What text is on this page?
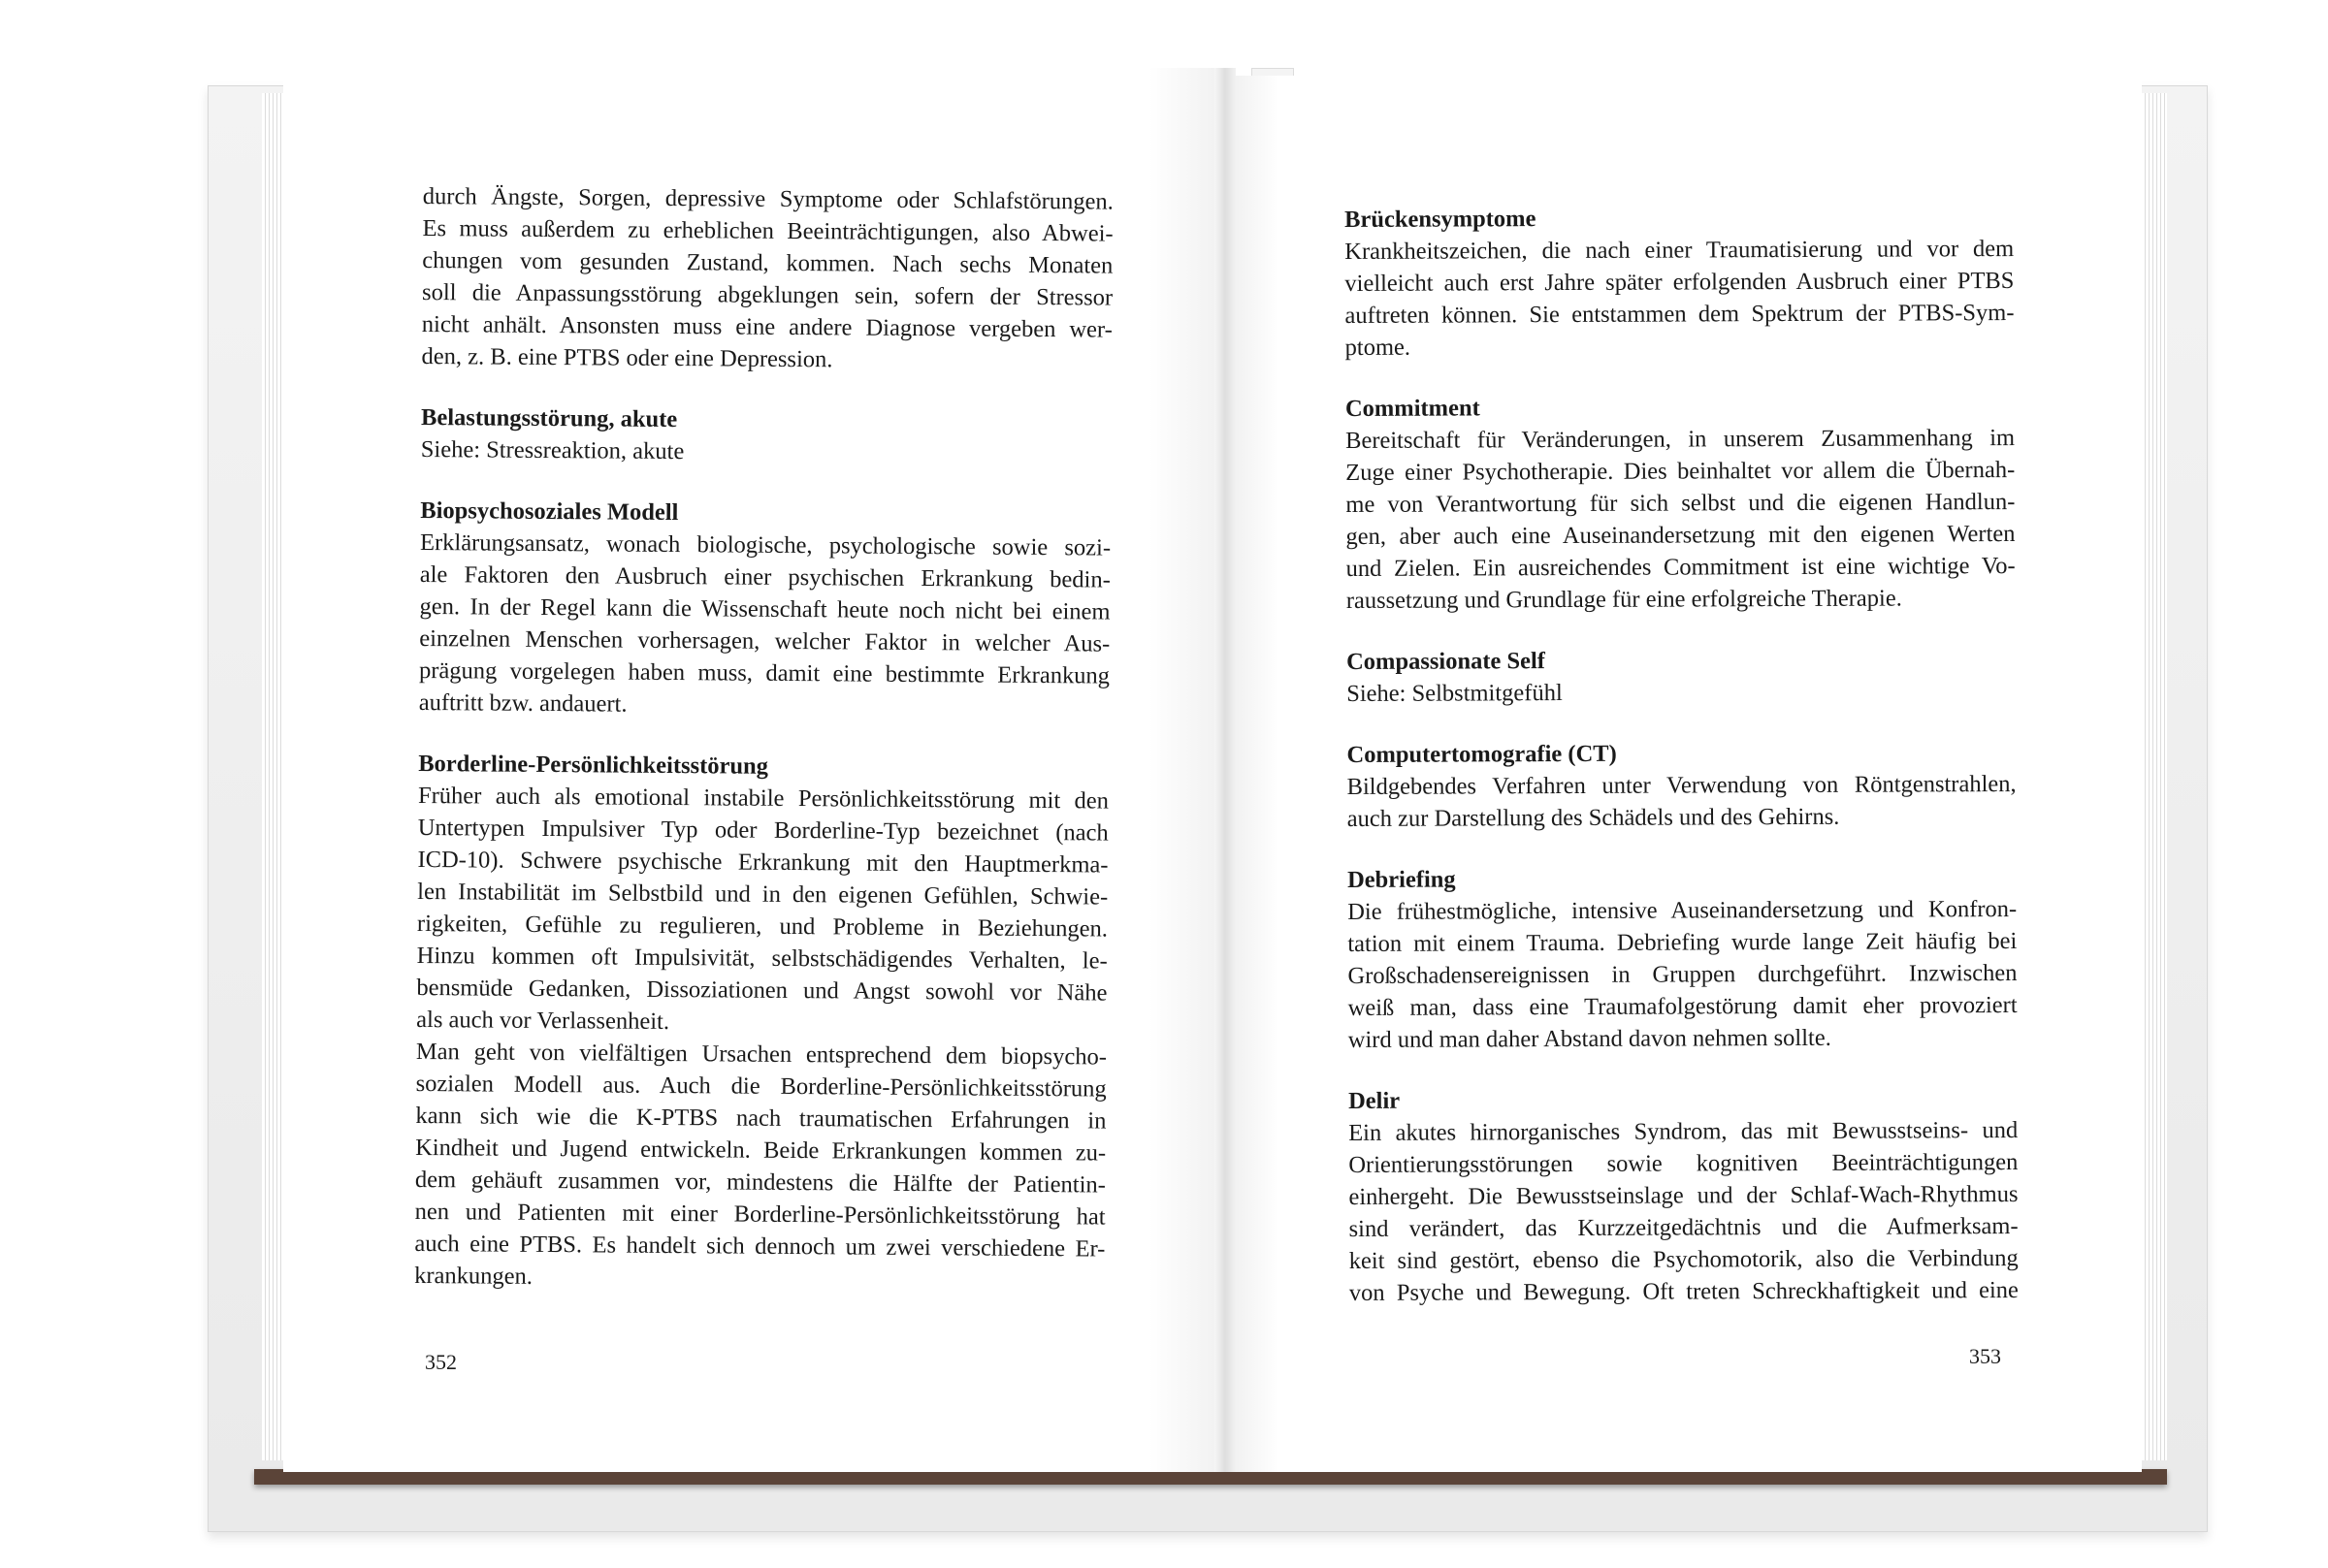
durch Ängste, Sorgen, depressive Symptome oder Schlafstörungen.
Es muss außerdem zu erheblichen Beeinträchtigungen, also Abwei-
chungen vom gesunden Zustand, kommen. Nach sechs Monaten
soll die Anpassungsstörung abgeklungen sein, sofern der Stressor
nicht anhält. Ansonsten muss eine andere Diagnose vergeben wer-
den, z. B. eine PTBS oder eine Depression.
Belastungsstörung, akute
Siehe: Stressreaktion, akute
Biopsychosoziales Modell
Erklärungsansatz, wonach biologische, psychologische sowie sozi-
ale Faktoren den Ausbruch einer psychischen Erkrankung bedin-
gen. In der Regel kann die Wissenschaft heute noch nicht bei einem
einzelnen Menschen vorhersagen, welcher Faktor in welcher Aus-
prägung vorgelegen haben muss, damit eine bestimmte Erkrankung
auftritt bzw. andauert.
Borderline-Persönlichkeitsstörung
Früher auch als emotional instabile Persönlichkeitsstörung mit den
Untertypen Impulsiver Typ oder Borderline-Typ bezeichnet (nach
ICD-10). Schwere psychische Erkrankung mit den Hauptmerkma-
len Instabilität im Selbstbild und in den eigenen Gefühlen, Schwie-
rigkeiten, Gefühle zu regulieren, und Probleme in Beziehungen.
Hinzu kommen oft Impulsivität, selbstschädigendes Verhalten, le-
bensmüde Gedanken, Dissoziationen und Angst sowohl vor Nähe
als auch vor Verlassenheit.
Man geht von vielfältigen Ursachen entsprechend dem biopsycho-
sozialen Modell aus. Auch die Borderline-Persönlichkeitsstörung
kann sich wie die K-PTBS nach traumatischen Erfahrungen in
Kindheit und Jugend entwickeln. Beide Erkrankungen kommen zu-
dem gehäuft zusammen vor, mindestens die Hälfte der Patientin-
nen und Patienten mit einer Borderline-Persönlichkeitsstörung hat
auch eine PTBS. Es handelt sich dennoch um zwei verschiedene Er-
krankungen.
Brückensymptome
Krankheitszeichen, die nach einer Traumatisierung und vor dem
vielleicht auch erst Jahre später erfolgenden Ausbruch einer PTBS
auftreten können. Sie entstammen dem Spektrum der PTBS-Sym-
ptome.
Commitment
Bereitschaft für Veränderungen, in unserem Zusammenhang im
Zuge einer Psychotherapie. Dies beinhaltet vor allem die Übernah-
me von Verantwortung für sich selbst und die eigenen Handlun-
gen, aber auch eine Auseinandersetzung mit den eigenen Werten
und Zielen. Ein ausreichendes Commitment ist eine wichtige Vo-
raussetzung und Grundlage für eine erfolgreiche Therapie.
Compassionate Self
Siehe: Selbstmitgefühl
Computertomografie (CT)
Bildgebendes Verfahren unter Verwendung von Röntgenstrahlen,
auch zur Darstellung des Schädels und des Gehirns.
Debriefing
Die frühestmögliche, intensive Auseinandersetzung und Konfron-
tation mit einem Trauma. Debriefing wurde lange Zeit häufig bei
Großschadensereignissen in Gruppen durchgeführt. Inzwischen
weiß man, dass eine Traumafolgestörung damit eher provoziert
wird und man daher Abstand davon nehmen sollte.
Delir
Ein akutes hirnorganisches Syndrom, das mit Bewusstseins- und
Orientierungsstörungen sowie kognitiven Beeinträchtigungen
einhergeht. Die Bewusstseinslage und der Schlaf-Wach-Rhythmus
sind verändert, das Kurzzeitgedächtnis und die Aufmerksam-
keit sind gestört, ebenso die Psychomotorik, also die Verbindung
von Psyche und Bewegung. Oft treten Schreckhaftigkeit und eine
352	353
